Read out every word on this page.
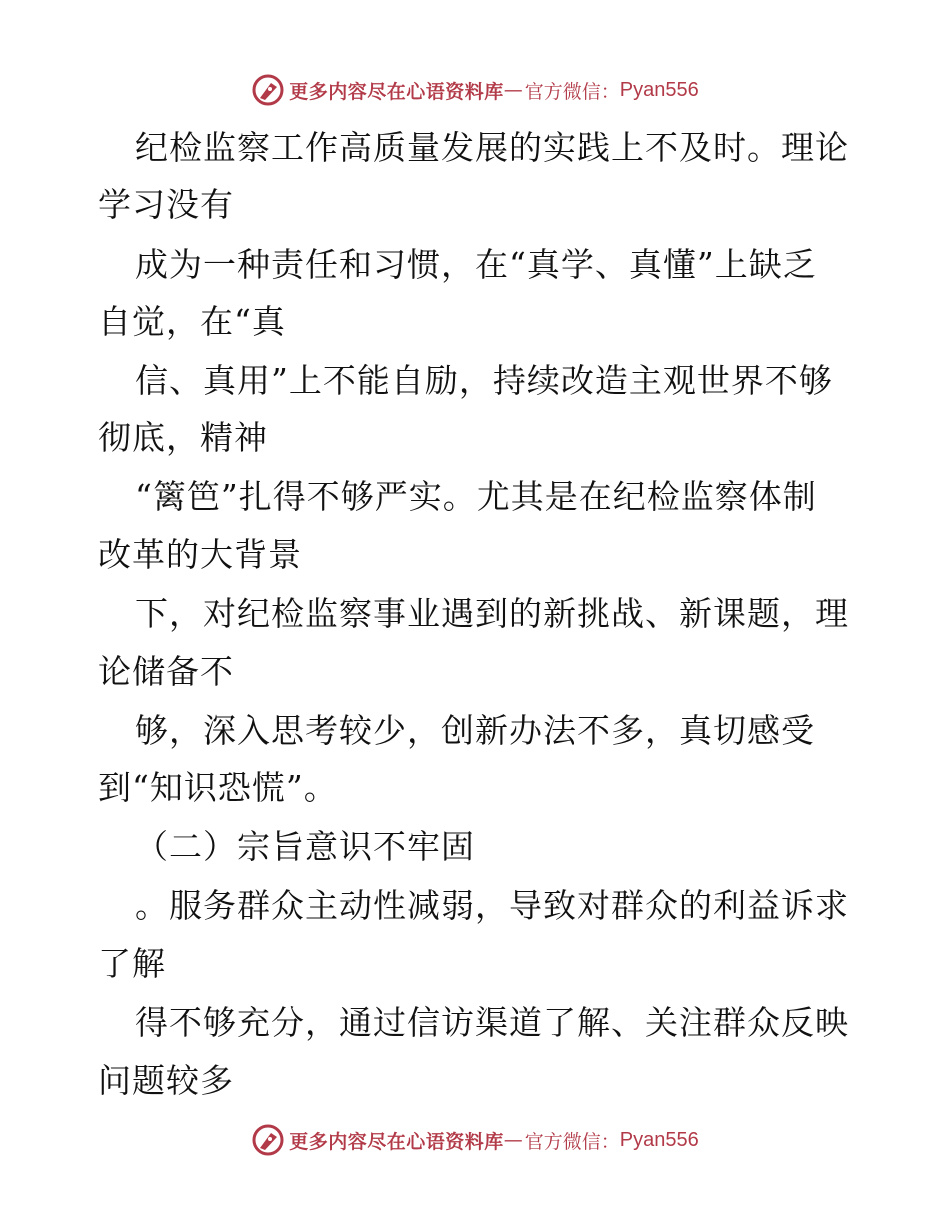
更多内容尽在心语资料库 — 官方微信： Pyan556
纪检监察工作高质量发展的实践上不及时。理论
学习没有
成为一种责任和习惯，在“真学、真懂”上缺乏
自觉，在“真
信、真用”上不能自励，持续改造主观世界不够
彻底，精神
“篱笆”扎得不够严实。尤其是在纪检监察体制
改革的大背景
下，对纪检监察事业遇到的新挑战、新课题，理
论储备不
够，深入思考较少，创新办法不多，真切感受
到“知识恐慌”。
（二）宗旨意识不牢固
。服务群众主动性减弱，导致对群众的利益诉求
了解
得不够充分，通过信访渠道了解、关注群众反映
问题较多
更多内容尽在心语资料库 — 官方微信： Pyan556
